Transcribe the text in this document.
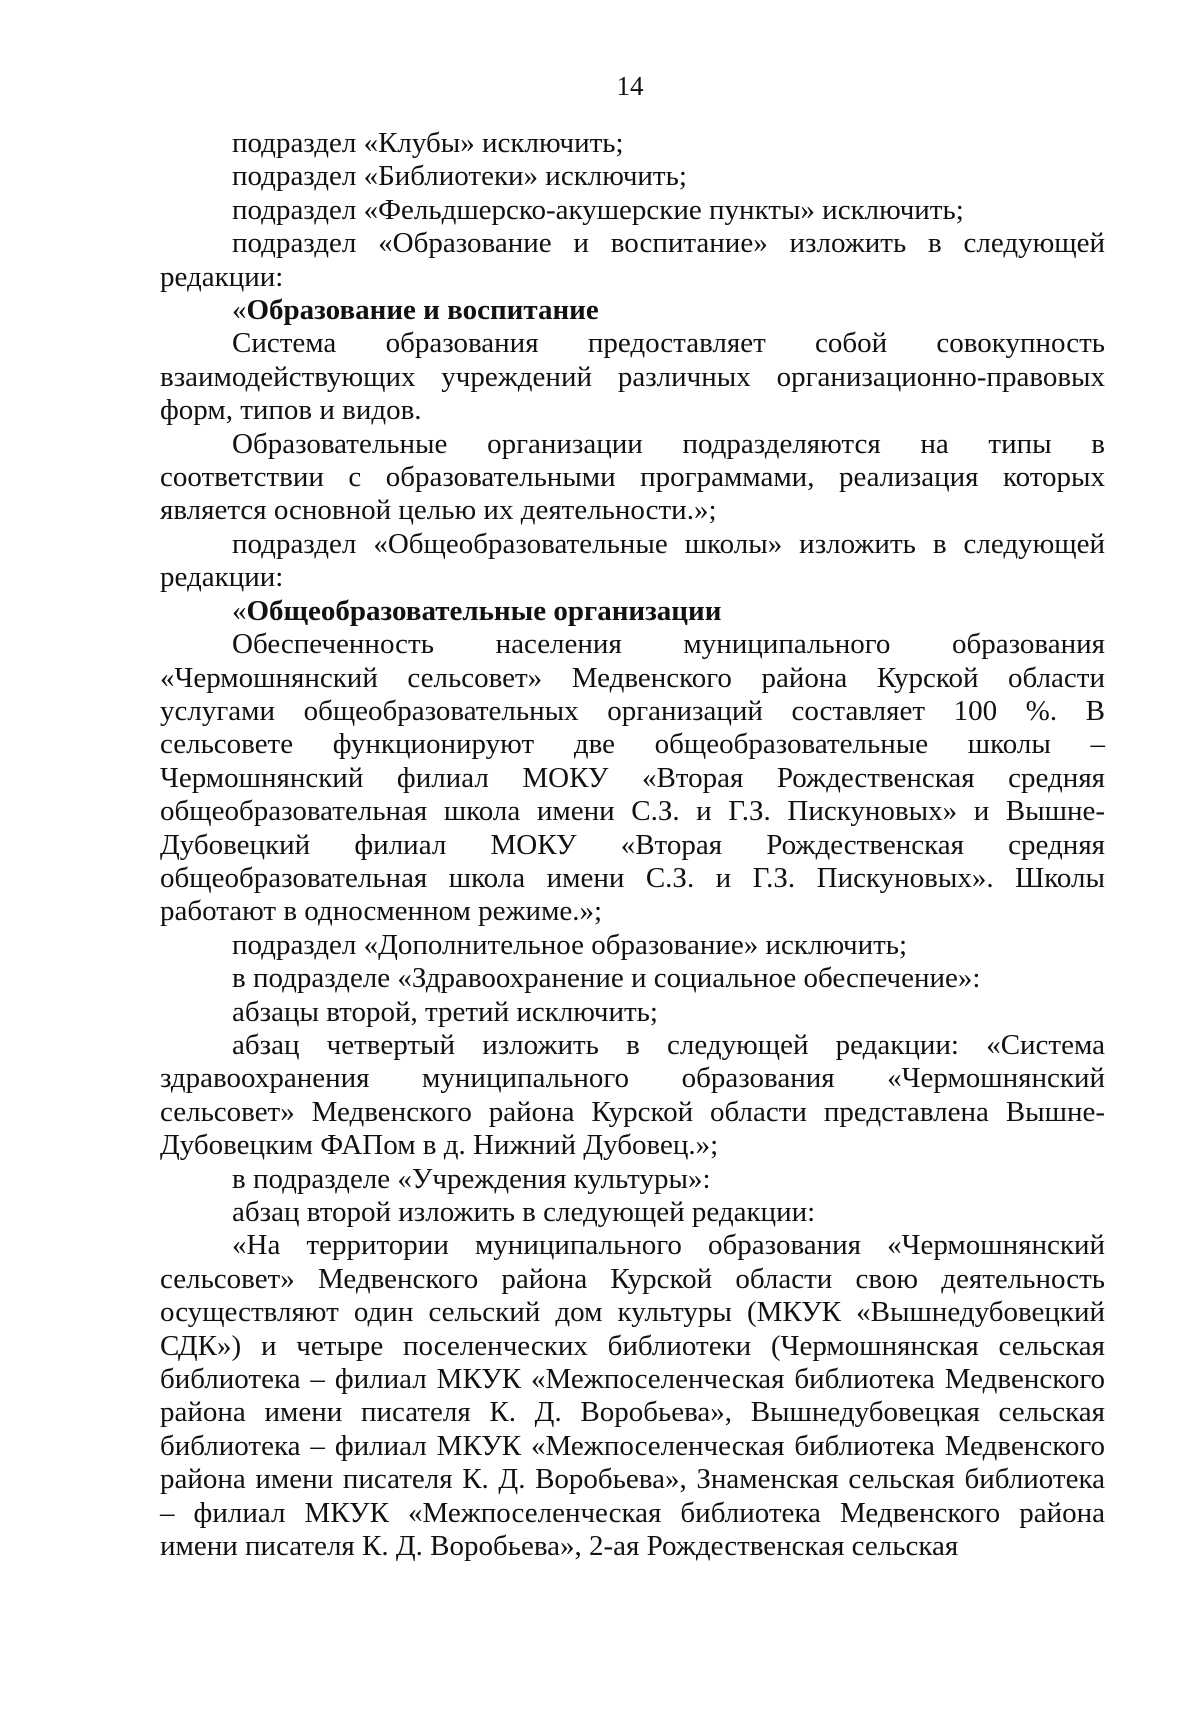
14

подраздел «Клубы» исключить;

подраздел «Библиотеки» исключить;

подраздел «Фельдшерско-акушерские пункты» исключить;

подраздел «Образование и воспитание» изложить в следующей редакции:

«Образование и воспитание

Система образования предоставляет собой совокупность взаимодействующих учреждений различных организационно-правовых форм, типов и видов.

Образовательные организации подразделяются на типы в соответствии с образовательными программами, реализация которых является основной целью их деятельности.»;

подраздел «Общеобразовательные школы» изложить в следующей редакции:

«Общеобразовательные организации

Обеспеченность населения муниципального образования «Чермошнянский сельсовет» Медвенского района Курской области услугами общеобразовательных организаций составляет 100 %. В сельсовете функционируют две общеобразовательные школы – Чермошнянский филиал МОКУ «Вторая Рождественская средняя общеобразовательная школа имени С.З. и Г.З. Пискуновых» и Вышне-Дубовецкий филиал МОКУ «Вторая Рождественская средняя общеобразовательная школа имени С.З. и Г.З. Пискуновых». Школы работают в односменном режиме.»;

подраздел «Дополнительное образование» исключить;

в подразделе «Здравоохранение и социальное обеспечение»:

абзацы второй, третий исключить;

абзац четвертый изложить в следующей редакции: «Система здравоохранения муниципального образования «Чермошнянский сельсовет» Медвенского района Курской области представлена Вышне-Дубовецким ФАПом в д. Нижний Дубовец.»;

в подразделе «Учреждения культуры»:

абзац второй изложить в следующей редакции:

«На территории муниципального образования «Чермошнянский сельсовет» Медвенского района Курской области свою деятельность осуществляют один сельский дом культуры (МКУК «Вышнедубовецкий СДК») и четыре поселенческих библиотеки (Чермошнянская сельская библиотека – филиал МКУК «Межпоселенческая библиотека Медвенского района имени писателя К. Д. Воробьева», Вышнедубовецкая сельская библиотека – филиал МКУК «Межпоселенческая библиотека Медвенского района имени писателя К. Д. Воробьева», Знаменская сельская библиотека – филиал МКУК «Межпоселенческая библиотека Медвенского района имени писателя К. Д. Воробьева», 2-ая Рождественская сельская
